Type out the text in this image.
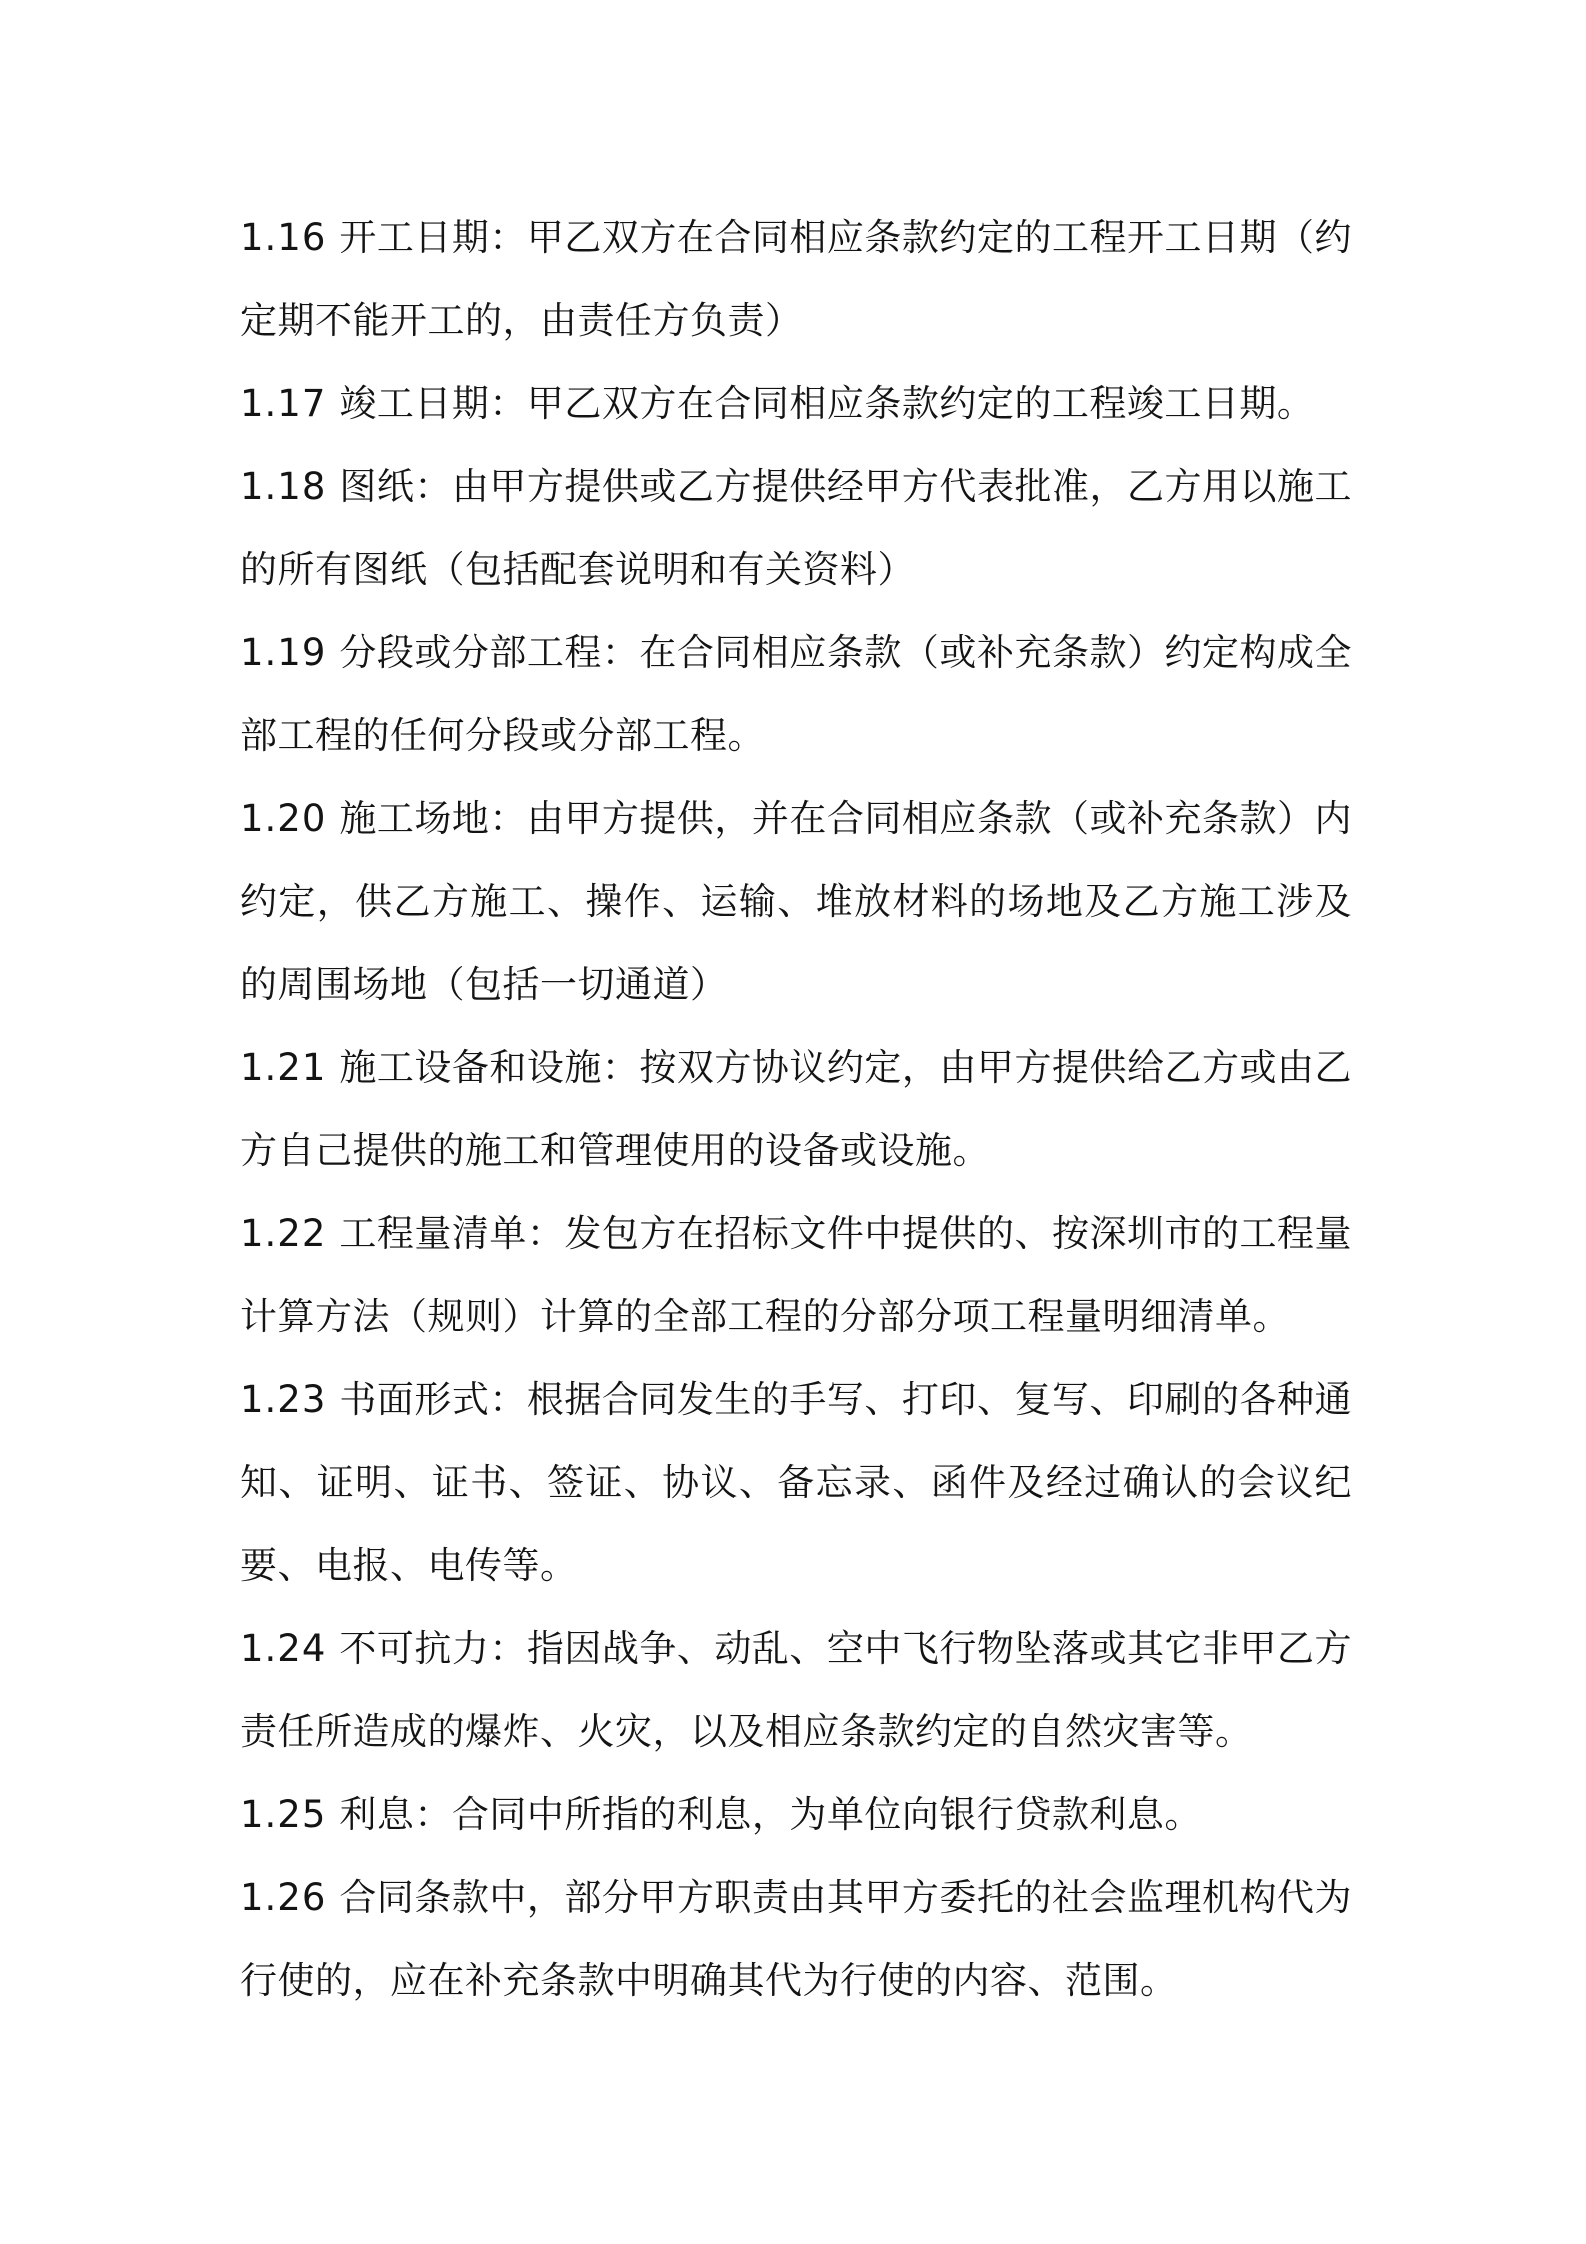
1.16 开工日期：甲乙双方在合同相应条款约定的工程开工日期（约定期不能开工的，由责任方负责）

1.17 竣工日期：甲乙双方在合同相应条款约定的工程竣工日期。

1.18 图纸：由甲方提供或乙方提供经甲方代表批准，乙方用以施工的所有图纸（包括配套说明和有关资料）

1.19 分段或分部工程：在合同相应条款（或补充条款）约定构成全部工程的任何分段或分部工程。

1.20 施工场地：由甲方提供，并在合同相应条款（或补充条款）内约定，供乙方施工、操作、运输、堆放材料的场地及乙方施工涉及的周围场地（包括一切通道）

1.21 施工设备和设施：按双方协议约定，由甲方提供给乙方或由乙方自己提供的施工和管理使用的设备或设施。

1.22 工程量清单：发包方在招标文件中提供的、按深圳市的工程量计算方法（规则）计算的全部工程的分部分项工程量明细清单。

1.23 书面形式：根据合同发生的手写、打印、复写、印刷的各种通知、证明、证书、签证、协议、备忘录、函件及经过确认的会议纪要、电报、电传等。

1.24 不可抗力：指因战争、动乱、空中飞行物坠落或其它非甲乙方责任所造成的爆炸、火灾，以及相应条款约定的自然灾害等。

1.25 利息：合同中所指的利息，为单位向银行贷款利息。

1.26 合同条款中，部分甲方职责由其甲方委托的社会监理机构代为行使的，应在补充条款中明确其代为行使的内容、范围。
